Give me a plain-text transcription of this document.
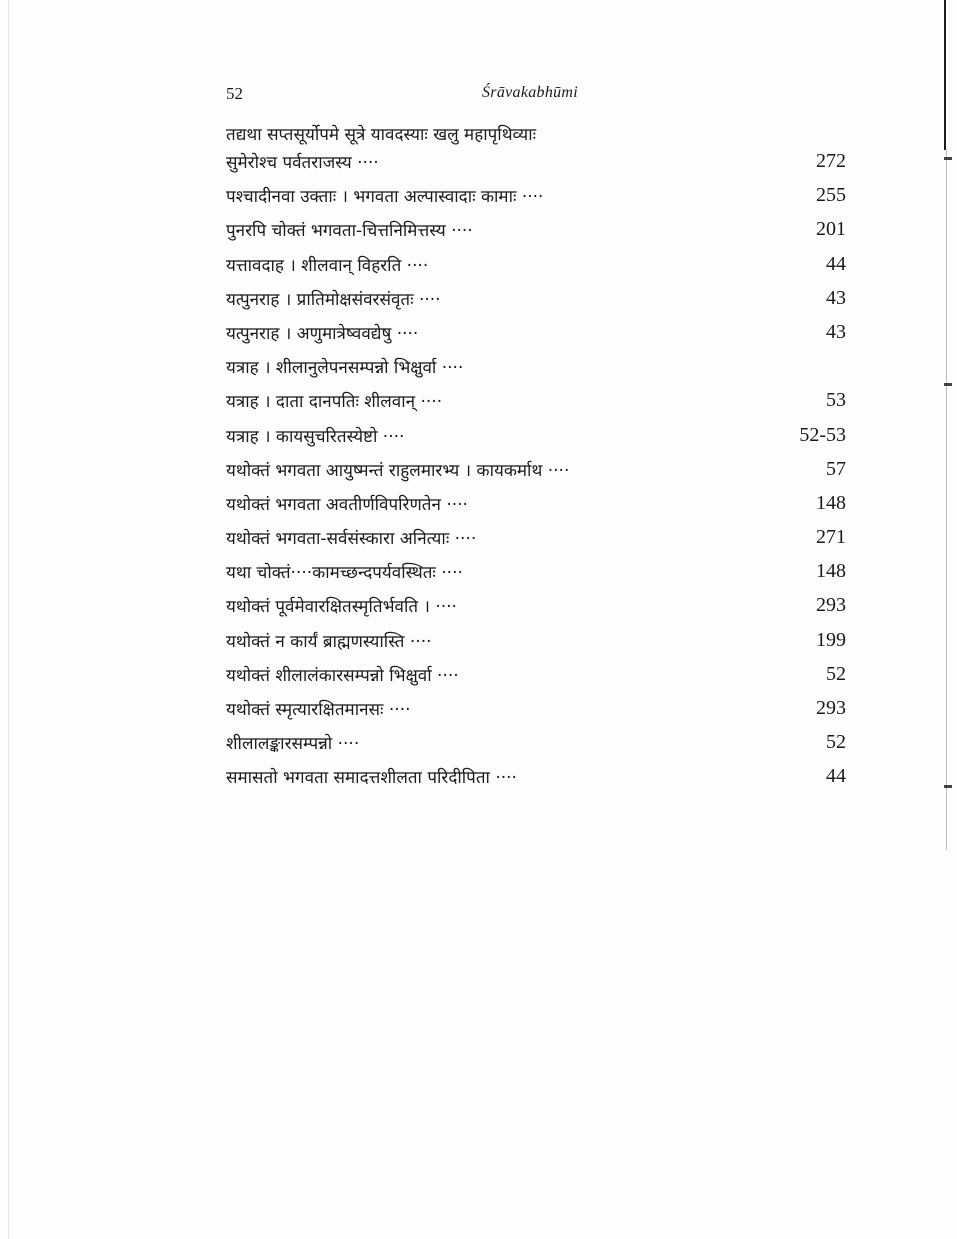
52	Śrāvakabhūmi
तद्यथा सप्तसूर्योपमे सूत्रे यावदस्याः खलु महापृथिव्याः
सुमेरोश्च पर्वतराजस्य ····	272
पश्चादीनवा उक्ताः । भगवता अल्पास्वादाः कामाः ····	255
पुनरपि चोक्तं भगवता-चित्तनिमित्तस्य ····	201
यत्तावदाह । शीलवान् विहरति ····	44
यत्पुनराह । प्रातिमोक्षसंवरसंवृतः ····	43
यत्पुनराह । अणुमात्रेष्ववद्येषु ····	43
यत्राह । शीलानुलेपनसम्पन्नो भिक्षुर्वा ····
यत्राह । दाता दानपतिः शीलवान् ····	53
यत्राह । कायसुचरितस्येष्टो ····	52-53
यथोक्तं भगवता आयुष्मन्तं राहुलमारभ्य । कायकर्माथ ····	57
यथोक्तं भगवता अवतीर्णविपरिणतेन ····	148
यथोक्तं भगवता-सर्वसंस्कारा अनित्याः ····	271
यथा चोक्तं····कामच्छन्दपर्यवस्थितः ····	148
यथोक्तं पूर्वमेवारक्षितस्मृतिर्भवति । ····	293
यथोक्तं न कार्यं ब्राह्मणस्यास्ति ····	199
यथोक्तं शीलालंकारसम्पन्नो भिक्षुर्वा ····	52
यथोक्तं स्मृत्यारक्षितमानसः ····	293
शीलालङ्कारसम्पन्नो ····	52
समासतो भगवता समादत्तशीलता परिदीपिता ····	44
